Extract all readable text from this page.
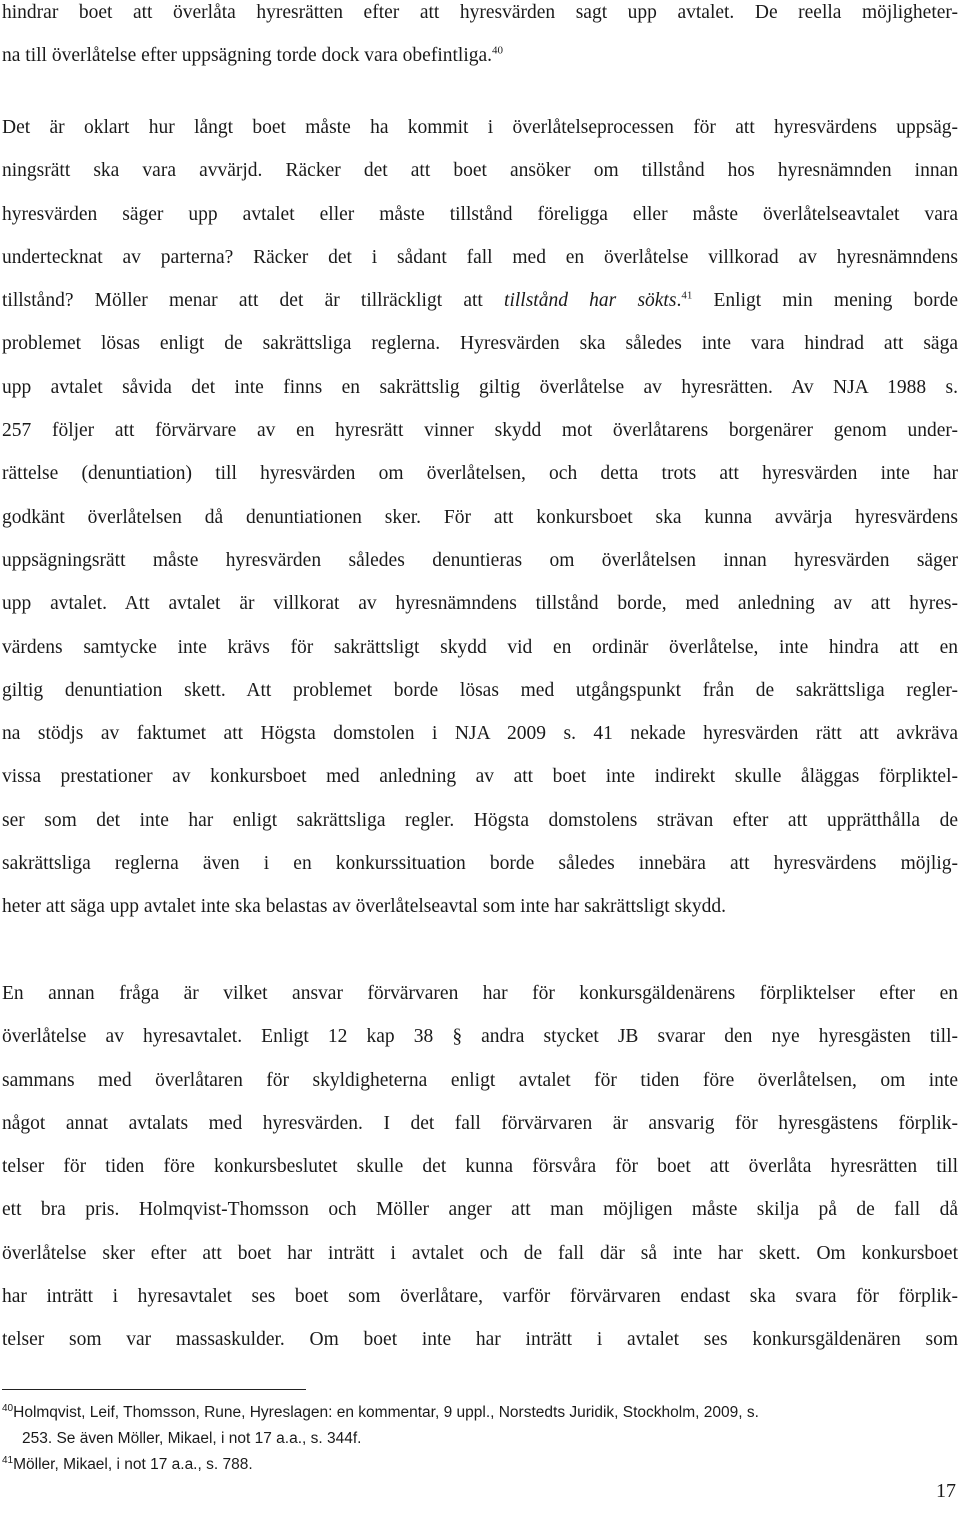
hindrar boet att överlåta hyresrätten efter att hyresvärden sagt upp avtalet. De reella möjligheter-
na till överlåtelse efter uppsägning torde dock vara obefintliga.$^{40}$
Det är oklart hur långt boet måste ha kommit i överlåtelseprocessen för att hyresvärdens uppsäg-
ningsrätt ska vara avvärjd. Räcker det att boet ansöker om tillstånd hos hyresnämnden innan
hyresvärden säger upp avtalet eller måste tillstånd föreligga eller måste överlåtelseavtalet vara
undertecknat av parterna? Räcker det i sådant fall med en överlåtelse villkorad av hyresnämndens
tillstånd? Möller menar att det är tillräckligt att tillstånd har sökts.$^{41}$ Enligt min mening borde
problemet lösas enligt de sakrättsliga reglerna. Hyresvärden ska således inte vara hindrad att säga
upp avtalet såvida det inte finns en sakrättslig giltig överlåtelse av hyresrätten. Av NJA 1988 s.
257 följer att förvärvare av en hyresrätt vinner skydd mot överlåtarens borgenärer genom under-
rättelse (denuntiation) till hyresvärden om överlåtelsen, och detta trots att hyresvärden inte har
godkänt överlåtelsen då denuntiationen sker. För att konkursboet ska kunna avvärja hyresvärdens
uppsägningsrätt måste hyresvärden således denuntieras om överlåtelsen innan hyresvärden säger
upp avtalet. Att avtalet är villkorat av hyresnämndens tillstånd borde, med anledning av att hyres-
värdens samtycke inte krävs för sakrättsligt skydd vid en ordinär överlåtelse, inte hindra att en
giltig denuntiation skett. Att problemet borde lösas med utgångspunkt från de sakrättsliga regler-
na stödjs av faktumet att Högsta domstolen i NJA 2009 s. 41 nekade hyresvärden rätt att avkräva
vissa prestationer av konkursboet med anledning av att boet inte indirekt skulle åläggas förpliktel-
ser som det inte har enligt sakrättsliga regler. Högsta domstolens strävan efter att upprätthålla de
sakrättsliga reglerna även i en konkurssituation borde således innebära att hyresvärdens möjlig-
heter att säga upp avtalet inte ska belastas av överlåtelseavtal som inte har sakrättsligt skydd.
En annan fråga är vilket ansvar förvärvaren har för konkursgäldenärens förpliktelser efter en
överlåtelse av hyresavtalet. Enligt 12 kap 38 § andra stycket JB svarar den nye hyresgästen till-
sammans med överlåtaren för skyldigheterna enligt avtalet för tiden före överlåtelsen, om inte
något annat avtalats med hyresvärden. I det fall förvärvaren är ansvarig för hyresgästens förplik-
telser för tiden före konkursbeslutet skulle det kunna försvåra för boet att överlåta hyresrätten till
ett bra pris. Holmqvist-Thomsson och Möller anger att man möjligen måste skilja på de fall då
överlåtelse sker efter att boet har inträtt i avtalet och de fall där så inte har skett. Om konkursboet
har inträtt i hyresavtalet ses boet som överlåtare, varför förvärvaren endast ska svara för förplik-
telser som var massaskulder. Om boet inte har inträtt i avtalet ses konkursgäldenären som
$^{40}$Holmqvist, Leif, Thomsson, Rune, Hyreslagen: en kommentar, 9 uppl., Norstedts Juridik, Stockholm, 2009, s.
253. Se även Möller, Mikael, i not 17 a.a., s. 344f.
$^{41}$Möller, Mikael, i not 17 a.a., s. 788.
17
